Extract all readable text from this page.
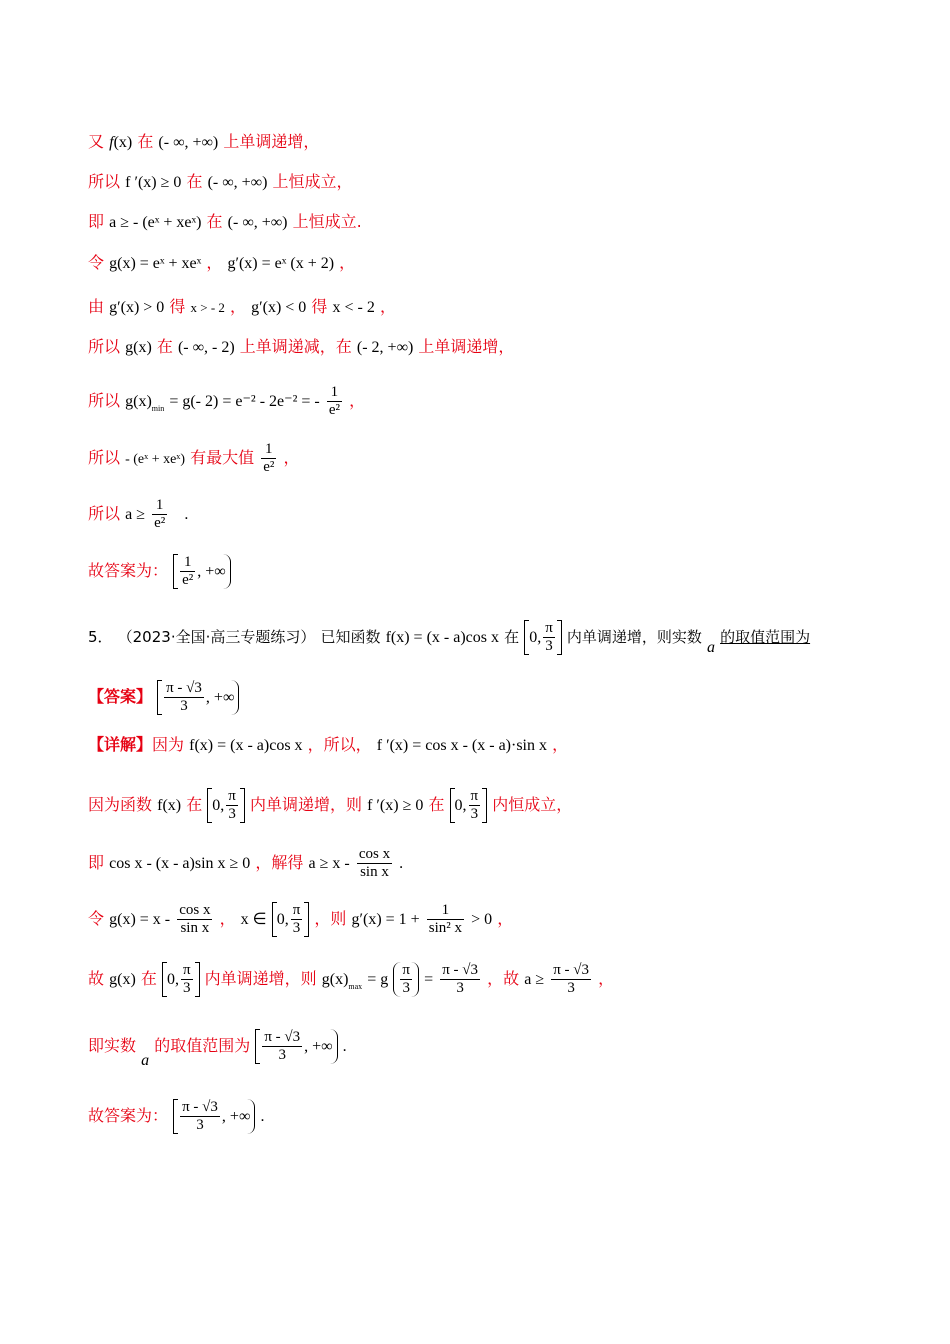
又 f(x) 在 (- ∞, +∞) 上单调递增，
所以 f ′(x) ≥ 0 在 (- ∞, +∞) 上恒成立，
即 a ≥ - (eˣ + xeˣ) 在 (- ∞, +∞) 上恒成立.
令 g(x) = eˣ + xeˣ ， g′(x) = eˣ (x + 2) ，
由 g′(x) > 0 得 x > - 2 ， g′(x) < 0 得 x < - 2 ，
所以 g(x) 在 (- ∞, - 2) 上单调递减，在 (- 2, +∞) 上单调递增，
所以 $g(x)_{min} = g(-$ 2) = e⁻² - 2e⁻² = - $\frac{1}{\text{e²}}$ ，
所以 - (eˣ + xeˣ) 有最大值 $\frac{1}{\text{e²}}$ ，
所以 $a \ge \frac{1}{\text{e²}}$ .
故答案为： $\frac{1}{\text{e²}}$ , +∞
5． （2023·全国·高三专题练习） 已知函数 f(x) = (x - a)cos x 在 0, $\frac{\pi}{3}$ 内单调递增，则实数 a 的取值范围为
【答案】 $\frac{\pi - √3}{3}$ , +∞
【详解】因为 f(x) = (x - a)cos x ，所以， f ′(x) = cos x - (x - a)·sin x ，
因为函数 f(x) 在 0, $\frac{\pi}{3}$ 内单调递增，则 f ′(x) ≥ 0 在 0, $\frac{\pi}{3}$ 内恒成立，
即 cos x - (x - a)sin x ≥ 0 ，解得 $a \ge x - \frac{\text{cos x}}{\text{sin x}}$ .
令 $g(x) = x - \frac{\text{cos x}}{\text{sin x}}$ ， x ∈ 0, $\frac{\pi}{3}$ ，则 $g'(x) = 1 + \frac{1}{\text{sin² x}} > 0$ ，
故 g(x) 在 0, $\frac{\pi}{3}$ 内单调递增，则 $g(x)_{max} = g \frac{\pi}{3} = \frac{\pi - √3}{3}$ ，故 $a \ge \frac{\pi - √3}{3}$ ，
即实数 a 的取值范围为 $\frac{\pi - √3}{3}$ , +∞ .
故答案为： $\frac{\pi - √3}{3}$ , +∞ .
